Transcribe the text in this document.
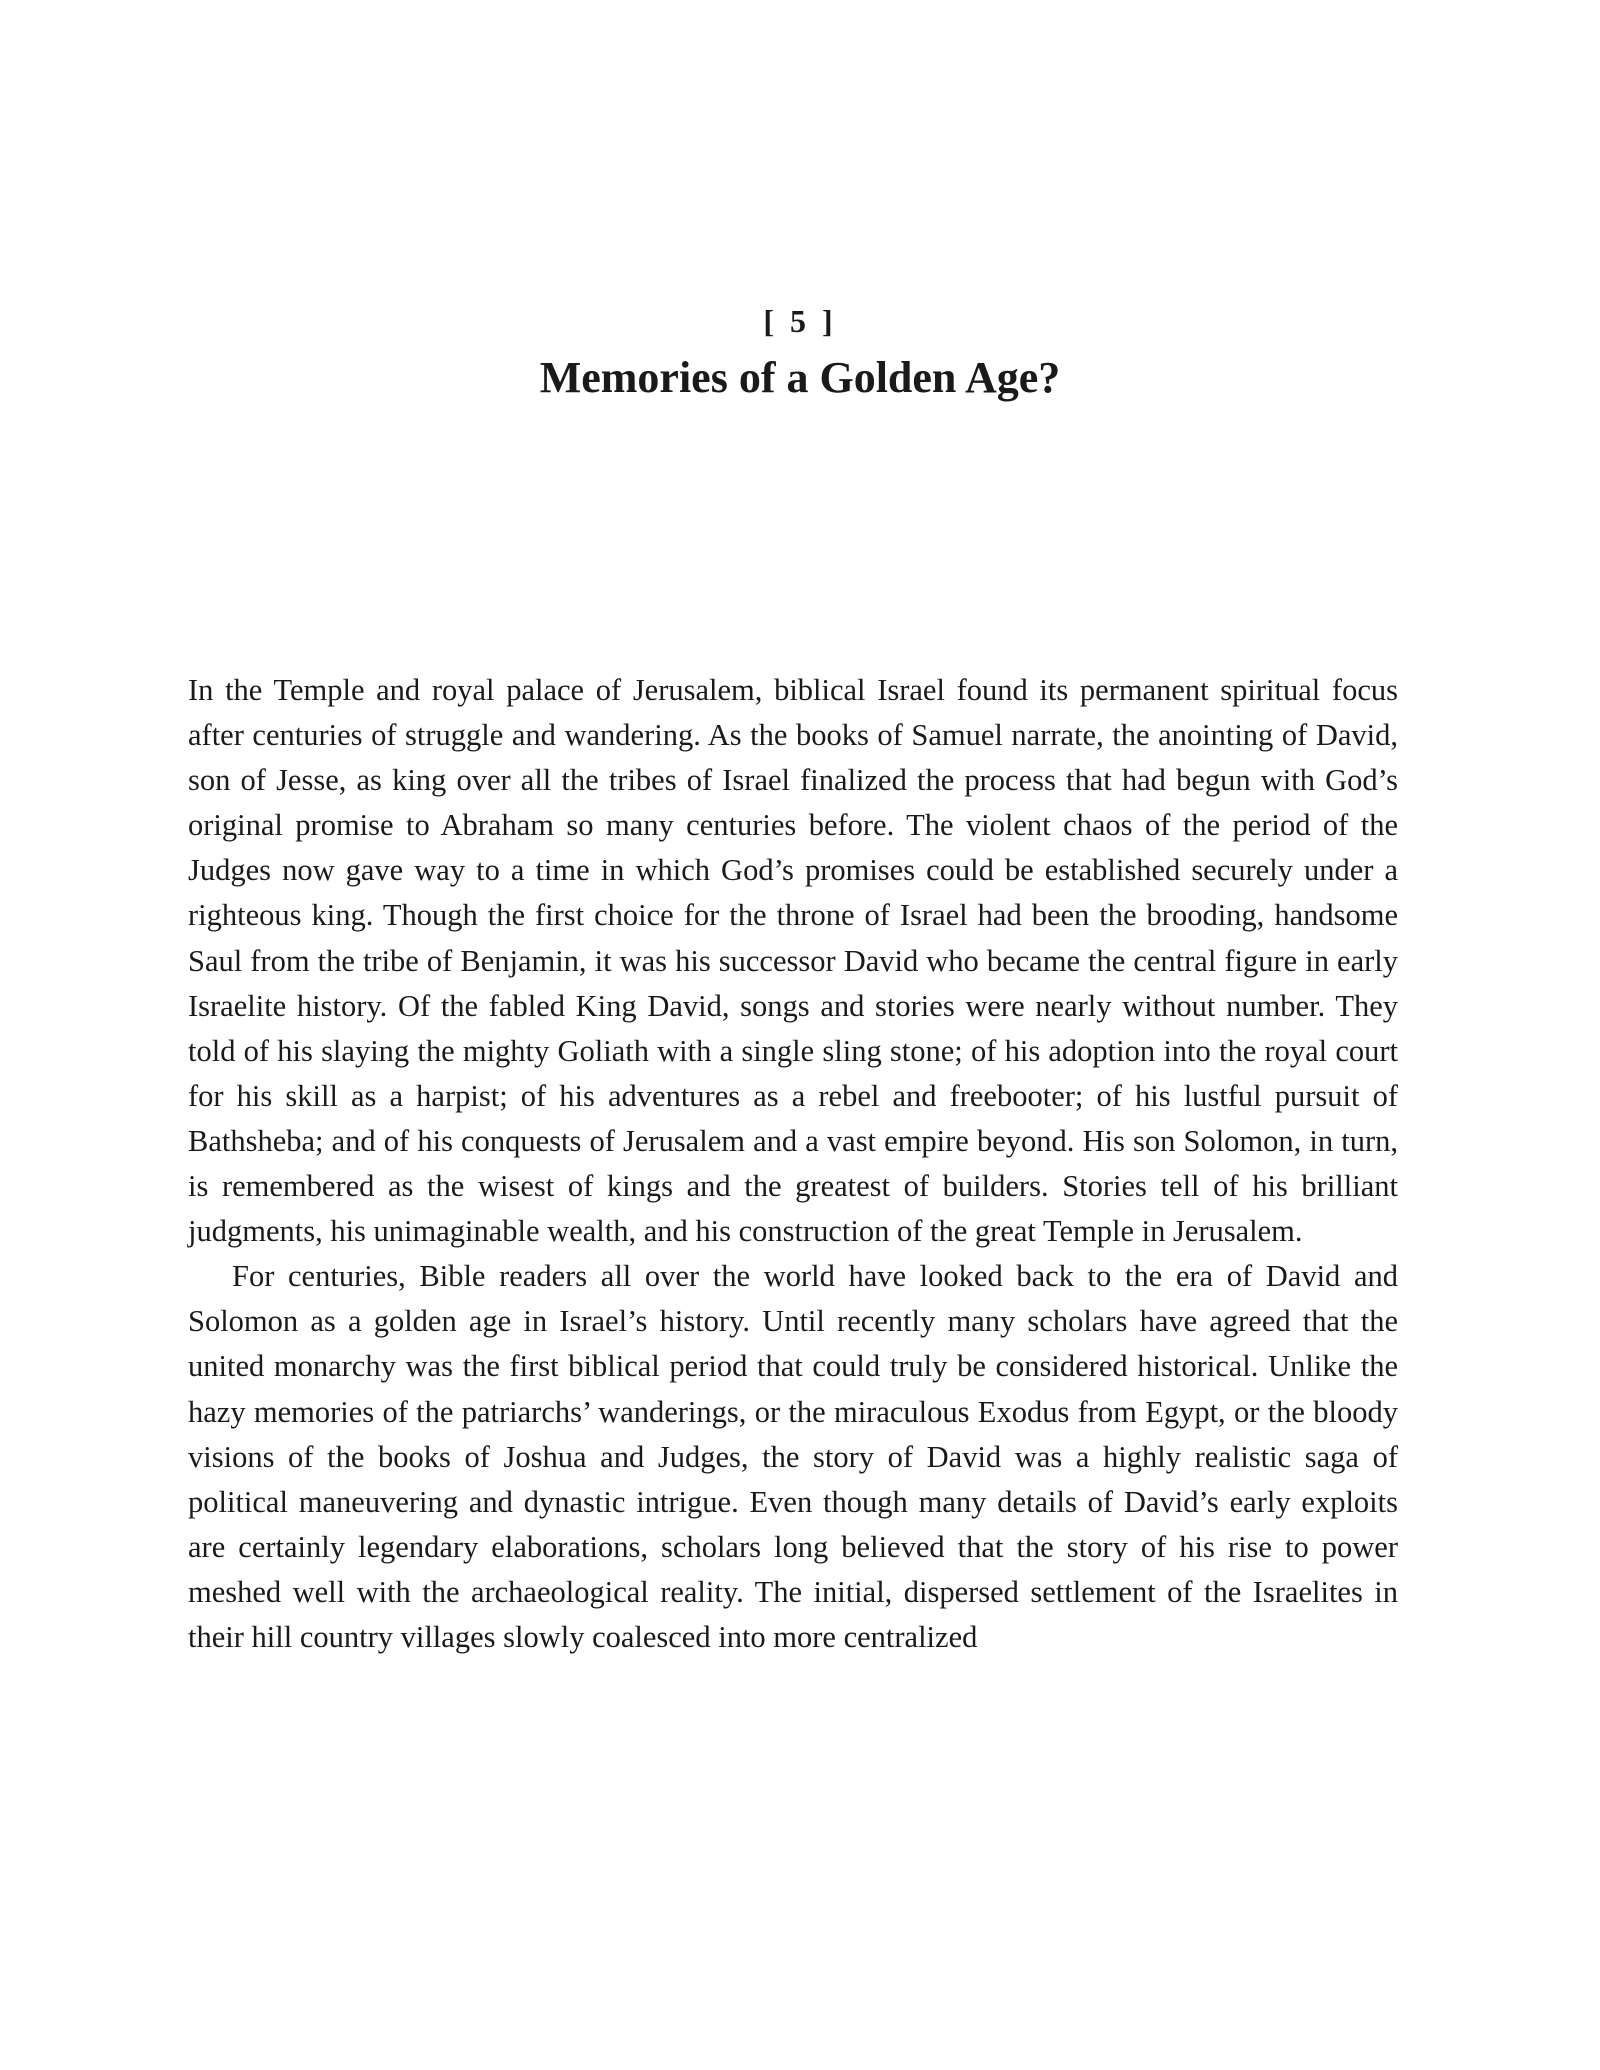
[ 5 ]
Memories of a Golden Age?

In the Temple and royal palace of Jerusalem, biblical Israel found its permanent spiritual focus after centuries of struggle and wandering. As the books of Samuel narrate, the anointing of David, son of Jesse, as king over all the tribes of Israel finalized the process that had begun with God’s original promise to Abraham so many centuries before. The violent chaos of the period of the Judges now gave way to a time in which God’s promises could be established securely under a righteous king. Though the first choice for the throne of Israel had been the brooding, handsome Saul from the tribe of Benjamin, it was his successor David who became the central figure in early Israelite history. Of the fabled King David, songs and stories were nearly without number. They told of his slaying the mighty Goliath with a single sling stone; of his adoption into the royal court for his skill as a harpist; of his adventures as a rebel and freebooter; of his lustful pursuit of Bathsheba; and of his conquests of Jerusalem and a vast empire beyond. His son Solomon, in turn, is remembered as the wisest of kings and the greatest of builders. Stories tell of his brilliant judgments, his unimaginable wealth, and his construction of the great Temple in Jerusalem.

For centuries, Bible readers all over the world have looked back to the era of David and Solomon as a golden age in Israel’s history. Until recently many scholars have agreed that the united monarchy was the first biblical period that could truly be considered historical. Unlike the hazy memories of the patriarchs’ wanderings, or the miraculous Exodus from Egypt, or the bloody visions of the books of Joshua and Judges, the story of David was a highly realistic saga of political maneuvering and dynastic intrigue. Even though many details of David’s early exploits are certainly legendary elaborations, scholars long believed that the story of his rise to power meshed well with the archaeological reality. The initial, dispersed settlement of the Israelites in their hill country villages slowly coalesced into more centralized
